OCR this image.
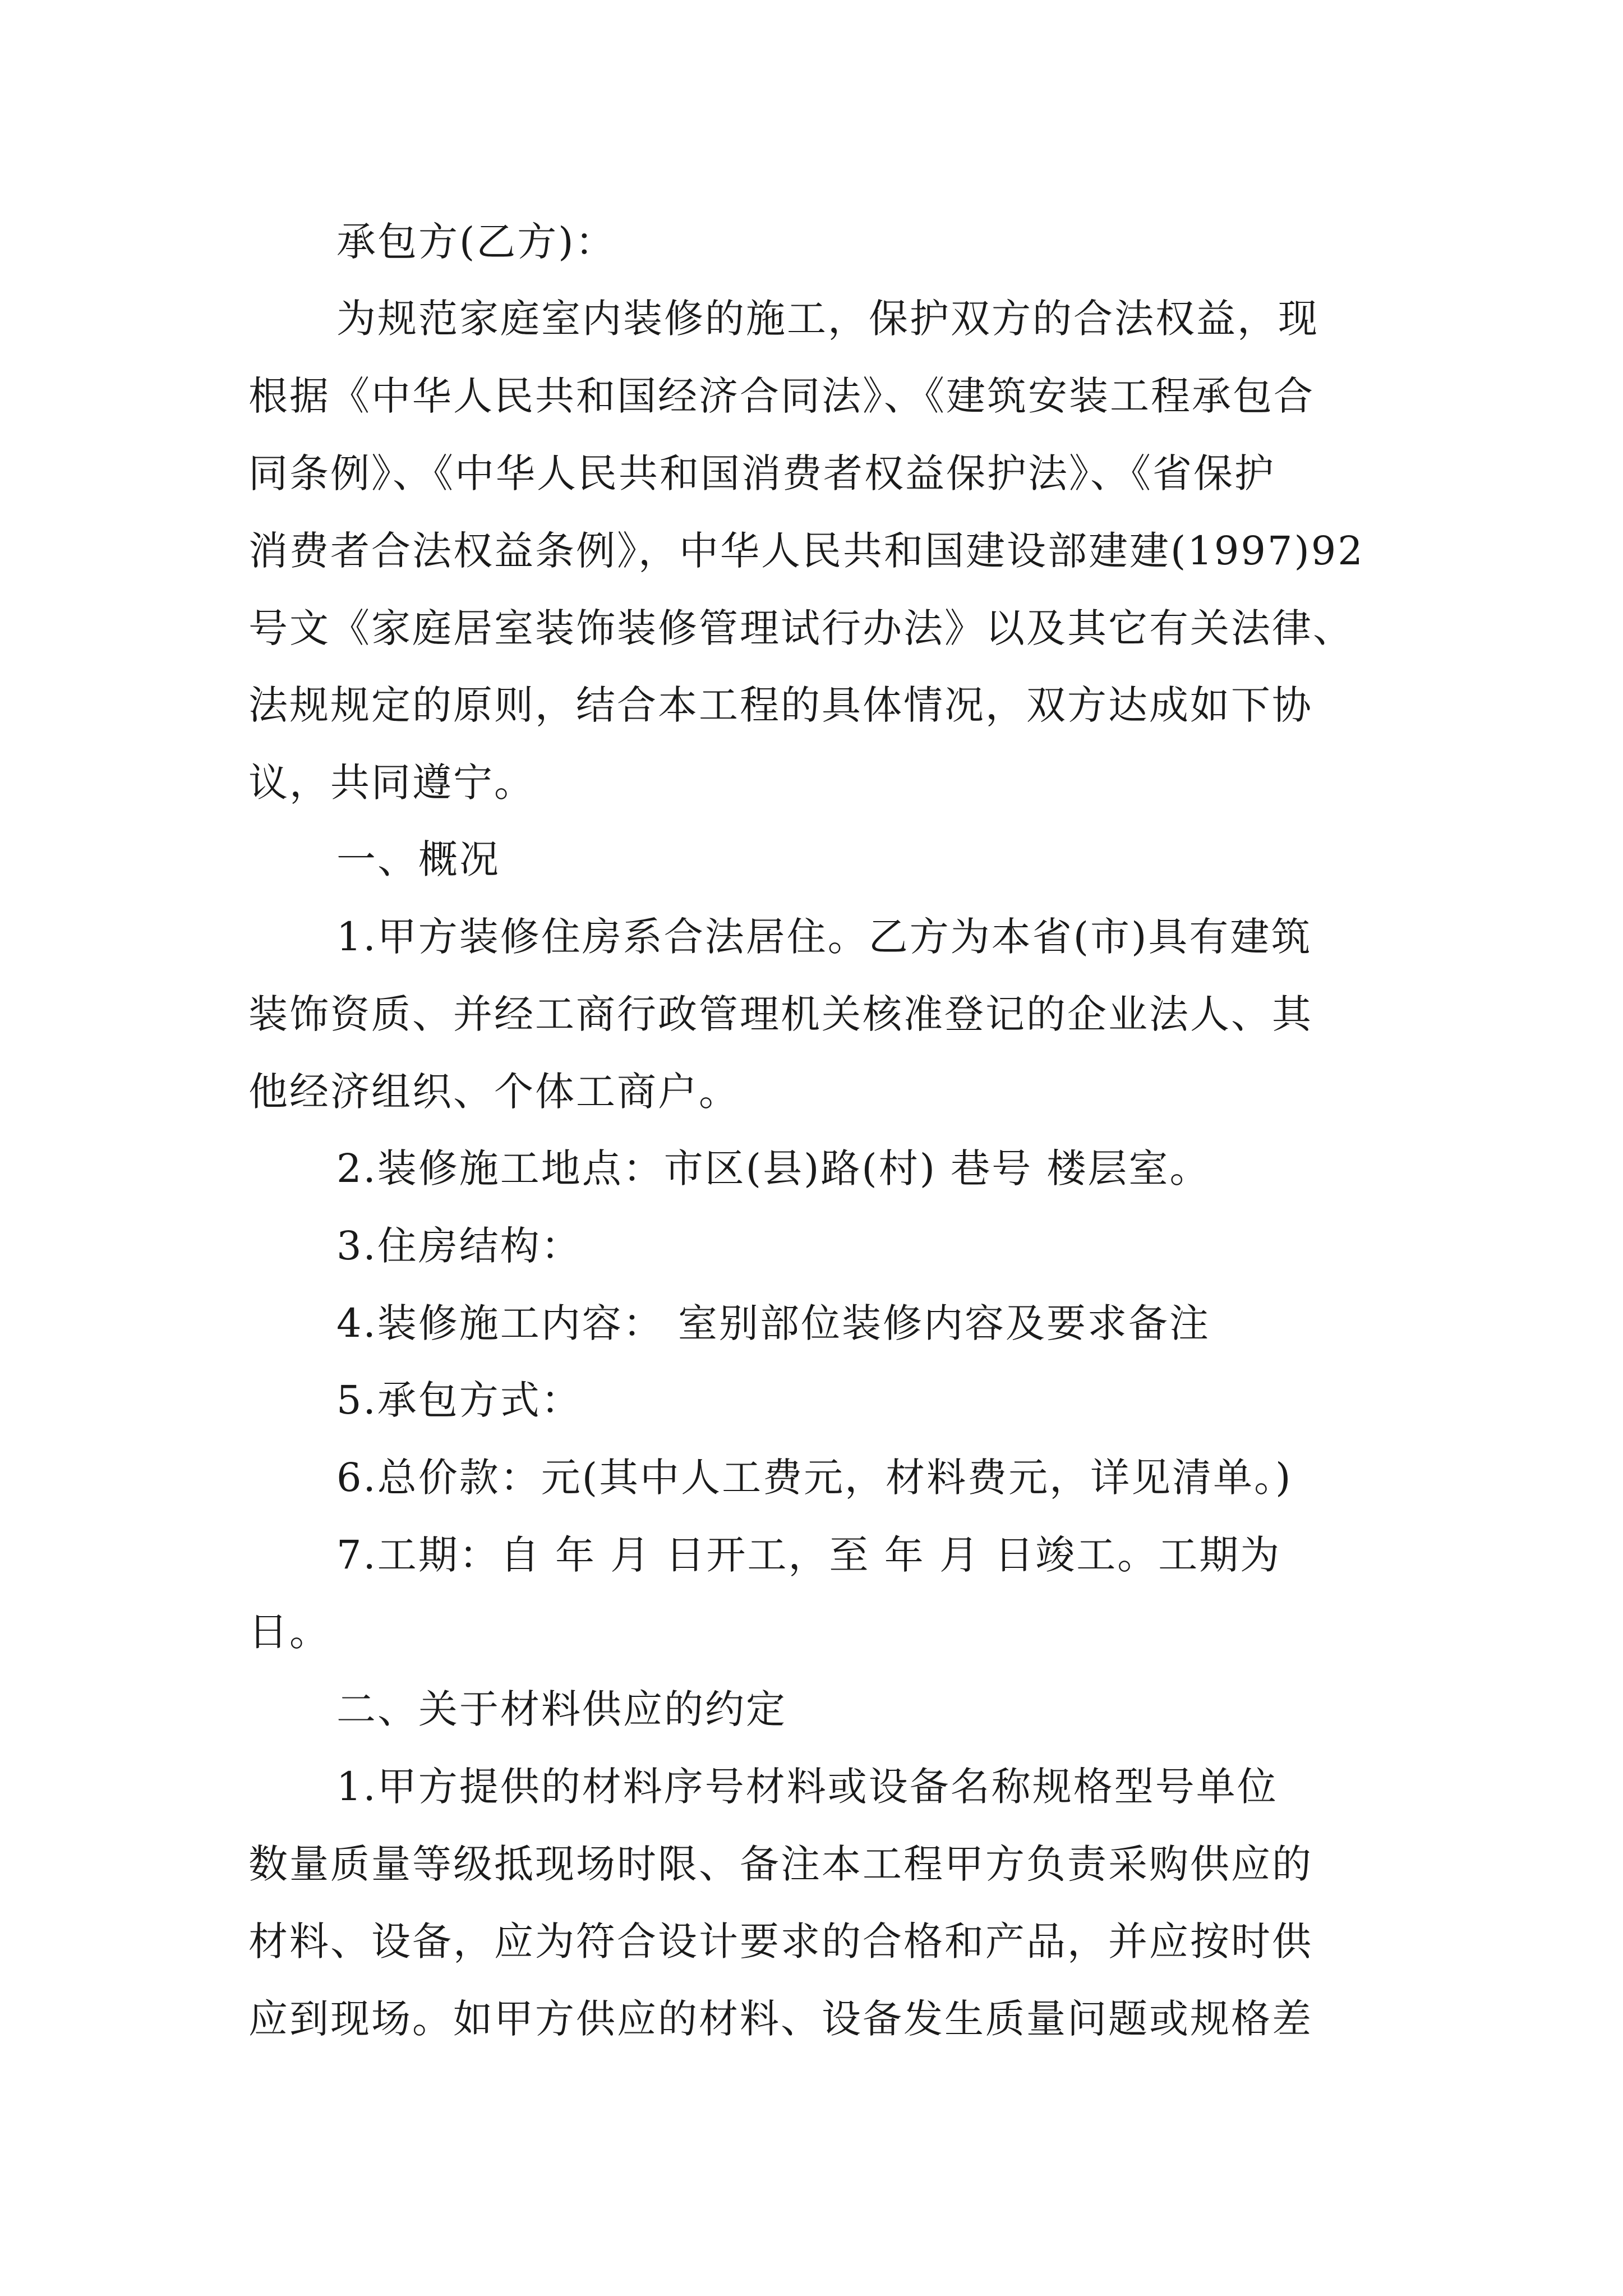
承包方(乙方)：

为规范家庭室内装修的施工，保护双方的合法权益，现

根据《中华人民共和国经济合同法》、《建筑安装工程承包合

同条例》、《中华人民共和国消费者权益保护法》、《省保护

消费者合法权益条例》，中华人民共和国建设部建建(1997)92

号文《家庭居室装饰装修管理试行办法》以及其它有关法律、

法规规定的原则，结合本工程的具体情况，双方达成如下协

议，共同遵宁。

一、概况

1.甲方装修住房系合法居住。乙方为本省(市)具有建筑

装饰资质、并经工商行政管理机关核准登记的企业法人、其

他经济组织、个体工商户。

2.装修施工地点：市区(县)路(村) 巷号 楼层室。

3.住房结构：

4.装修施工内容： 室别部位装修内容及要求备注

5.承包方式：

6.总价款：元(其中人工费元，材料费元，详见清单。)

7.工期：自 年 月 日开工，至 年 月 日竣工。工期为

日。

二、关于材料供应的约定

1.甲方提供的材料序号材料或设备名称规格型号单位

数量质量等级抵现场时限、备注本工程甲方负责采购供应的

材料、设备，应为符合设计要求的合格和产品，并应按时供

应到现场。如甲方供应的材料、设备发生质量问题或规格差
